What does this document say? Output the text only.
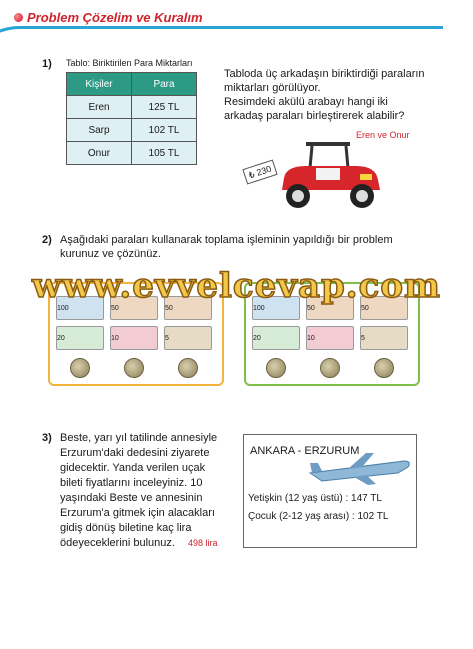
Problem Çözelim ve Kuralım
1) Tablo: Biriktirilen Para Miktarları
Kişiler	Para
Eren	125 TL
Sarp	102 TL
Onur	105 TL
Tabloda üç arkadaşın biriktirdiği paraların
miktarları görülüyor.
Resimdeki akülü arabayı hangi iki
arkadaş paraları birleştirerek alabilir?
Eren ve Onur
₺ 230
2) Aşağıdaki paraları kullanarak toplama işleminin yapıldığı bir problem
kurunuz ve çözünüz.
100	50	50
20	10	5
100	50	50
20	10	5
www.evvelcevap.com
3) Beste, yarı yıl tatilinde annesiyle
Erzurum'daki dedesini ziyarete
gidecektir. Yanda verilen uçak
bileti fiyatlarını inceleyiniz. 10
yaşındaki Beste ve annesinin
Erzurum'a gitmek için alacakları
gidiş dönüş biletine kaç lira
ödeyeceklerini bulunuz. 498 lira
ANKARA - ERZURUM
Yetişkin (12 yaş üstü) : 147 TL
Çocuk (2-12 yaş arası) : 102 TL
